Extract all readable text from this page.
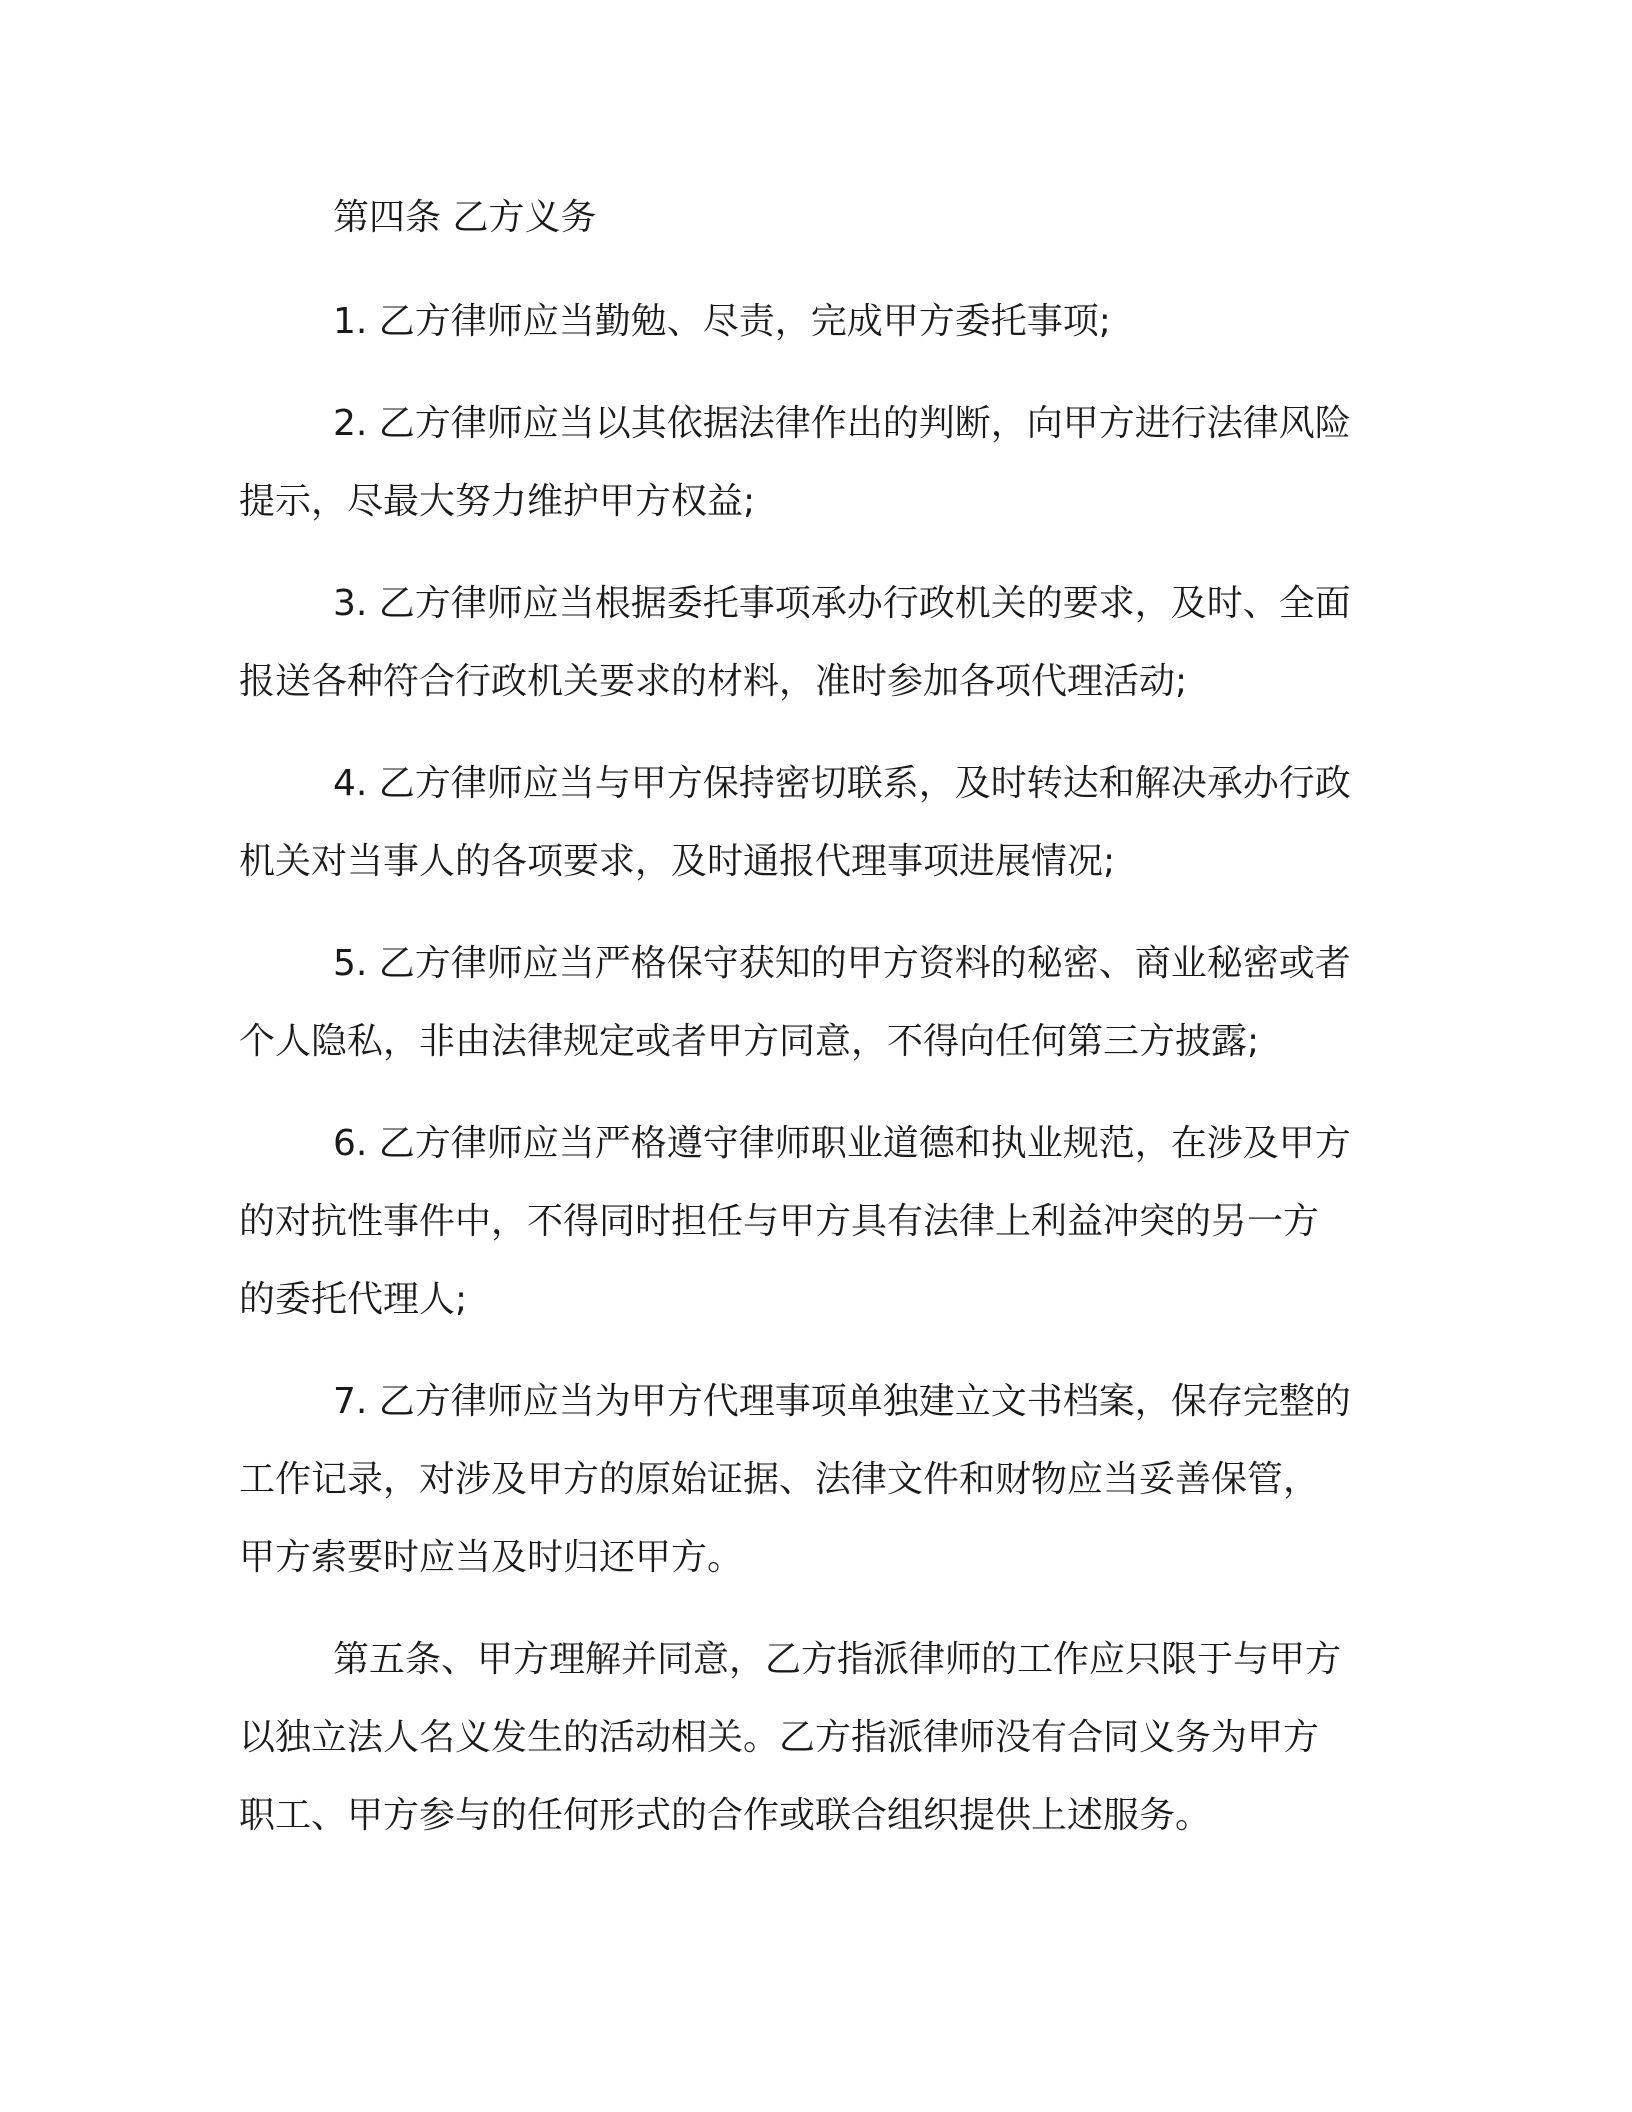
第四条 乙方义务

1. 乙方律师应当勤勉、尽责，完成甲方委托事项;

2. 乙方律师应当以其依据法律作出的判断，向甲方进行法律风险

提示，尽最大努力维护甲方权益;

3. 乙方律师应当根据委托事项承办行政机关的要求，及时、全面

报送各种符合行政机关要求的材料，准时参加各项代理活动;

4. 乙方律师应当与甲方保持密切联系，及时转达和解决承办行政

机关对当事人的各项要求，及时通报代理事项进展情况;

5. 乙方律师应当严格保守获知的甲方资料的秘密、商业秘密或者

个人隐私，非由法律规定或者甲方同意，不得向任何第三方披露;

6. 乙方律师应当严格遵守律师职业道德和执业规范，在涉及甲方

的对抗性事件中，不得同时担任与甲方具有法律上利益冲突的另一方

的委托代理人;

7. 乙方律师应当为甲方代理事项单独建立文书档案，保存完整的

工作记录，对涉及甲方的原始证据、法律文件和财物应当妥善保管，

甲方索要时应当及时归还甲方。

第五条、甲方理解并同意，乙方指派律师的工作应只限于与甲方

以独立法人名义发生的活动相关。乙方指派律师没有合同义务为甲方

职工、甲方参与的任何形式的合作或联合组织提供上述服务。
